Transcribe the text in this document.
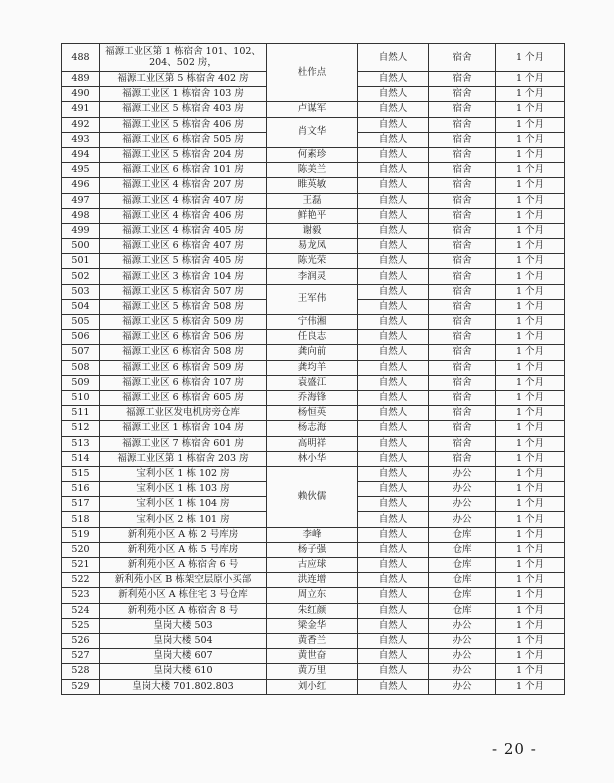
488	福源工业区第 1 栋宿舍 101、102、204、502 房，	杜作点	自然人	宿舍	1 个月
489	福源工业区第 5 栋宿舍 402 房		自然人	宿舍	1 个月
490	福源工业区 1 栋宿舍 103 房		自然人	宿舍	1 个月
491	福源工业区 5 栋宿舍 403 房	卢谋军	自然人	宿舍	1 个月
492	福源工业区 5 栋宿舍 406 房	肖文华	自然人	宿舍	1 个月
493	福源工业区 6 栋宿舍 505 房		自然人	宿舍	1 个月
494	福源工业区 5 栋宿舍 204 房	何素珍	自然人	宿舍	1 个月
495	福源工业区 6 栋宿舍 101 房	陈美兰	自然人	宿舍	1 个月
496	福源工业区 4 栋宿舍 207 房	睢英敏	自然人	宿舍	1 个月
497	福源工业区 4 栋宿舍 407 房	王磊	自然人	宿舍	1 个月
498	福源工业区 4 栋宿舍 406 房	鲜艳平	自然人	宿舍	1 个月
499	福源工业区 4 栋宿舍 405 房	谢毅	自然人	宿舍	1 个月
500	福源工业区 6 栋宿舍 407 房	易龙凤	自然人	宿舍	1 个月
501	福源工业区 5 栋宿舍 405 房	陈光荣	自然人	宿舍	1 个月
502	福源工业区 3 栋宿舍 104 房	李润灵	自然人	宿舍	1 个月
503	福源工业区 5 栋宿舍 507 房	王军伟	自然人	宿舍	1 个月
504	福源工业区 5 栋宿舍 508 房		自然人	宿舍	1 个月
505	福源工业区 5 栋宿舍 509 房	宁伟湘	自然人	宿舍	1 个月
506	福源工业区 6 栋宿舍 506 房	任良志	自然人	宿舍	1 个月
507	福源工业区 6 栋宿舍 508 房	龚向前	自然人	宿舍	1 个月
508	福源工业区 6 栋宿舍 509 房	龚均羊	自然人	宿舍	1 个月
509	福源工业区 6 栋宿舍 107 房	袁盛江	自然人	宿舍	1 个月
510	福源工业区 6 栋宿舍 605 房	乔海锋	自然人	宿舍	1 个月
511	福源工业区发电机房旁仓库	杨恒英	自然人	宿舍	1 个月
512	福源工业区 1 栋宿舍 104 房	杨志海	自然人	宿舍	1 个月
513	福源工业区 7 栋宿舍 601 房	高明祥	自然人	宿舍	1 个月
514	福源工业区第 1 栋宿舍 203 房	林小华	自然人	宿舍	1 个月
515	宝利小区 1 栋 102 房	赖伙儒	自然人	办公	1 个月
516	宝利小区 1 栋 103 房		自然人	办公	1 个月
517	宝利小区 1 栋 104 房		自然人	办公	1 个月
518	宝利小区 2 栋 101 房		自然人	办公	1 个月
519	新利苑小区 A 栋 2 号库房	李峰	自然人	仓库	1 个月
520	新利苑小区 A 栋 5 号库房	杨子强	自然人	仓库	1 个月
521	新利苑小区 A 栋宿舍 6 号	古应球	自然人	仓库	1 个月
522	新利苑小区 B 栋架空层原小买部	洪连增	自然人	仓库	1 个月
523	新利苑小区 A 栋住宅 3 号仓库	周立东	自然人	仓库	1 个月
524	新利苑小区 A 栋宿舍 8 号	朱红颜	自然人	仓库	1 个月
525	皇岗大楼 503	梁金华	自然人	办公	1 个月
526	皇岗大楼 504	黄香兰	自然人	办公	1 个月
527	皇岗大楼 607	黄世奋	自然人	办公	1 个月
528	皇岗大楼 610	黄万里	自然人	办公	1 个月
529	皇岗大楼 701.802.803	刘小红	自然人	办公	1 个月
- 20 -
